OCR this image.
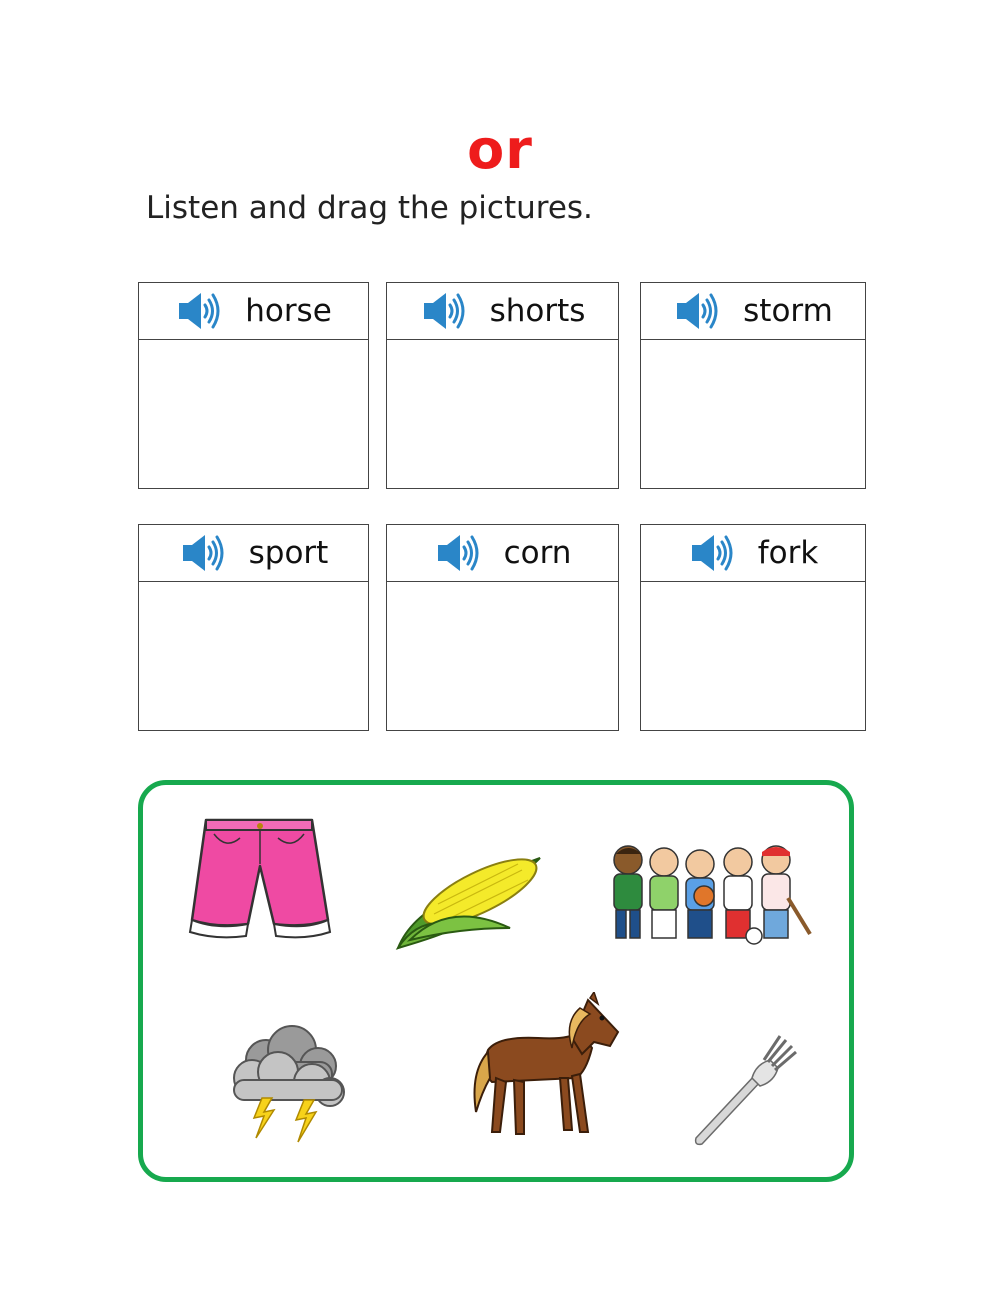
or
Listen and drag the pictures.
horse	shorts	storm
sport	corn	fork
